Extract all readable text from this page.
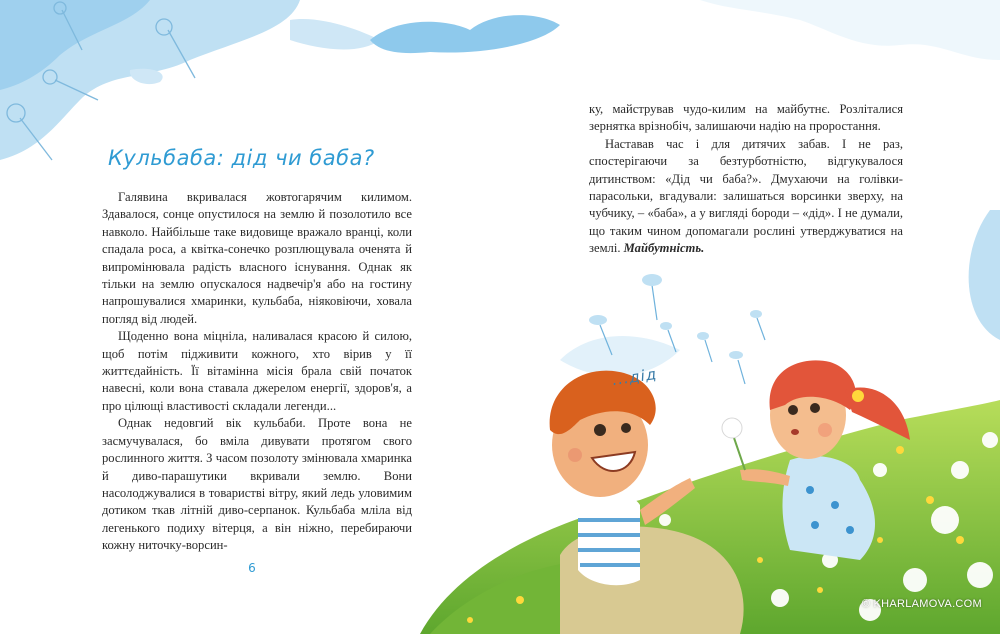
Кульбаба: дід чи баба?

Галявина вкривалася жовтогарячим килимом. Здавалося, сонце опустилося на землю й позолотило все навколо. Найбільше таке видовище вражало вранці, коли спадала роса, а квітка-сонечко розплющувала оченята й випромінювала радість власного існування. Однак як тільки на землю опускалося надвечір'я або на гостину напрошувалися хмаринки, кульбаба, ніяковіючи, ховала погляд від людей.

Щоденно вона міцніла, наливалася красою й силою, щоб потім підживити кожного, хто вірив у її життєдайність. Її вітамінна місія брала свій початок навесні, коли вона ставала джерелом енергії, здоров'я, а про цілющі властивості складали легенди...

Однак недовгий вік кульбаби. Проте вона не засмучувалася, бо вміла дивувати протягом свого рослинного життя. З часом позолоту змінювала хмаринка й диво-парашутики вкривали землю. Вони насолоджувалися в товаристві вітру, який ледь уловимим дотиком ткав літній диво-серпанок. Кульбаба мліла від легенького подиху вітерця, а він ніжно, перебираючи кожну ниточку-ворсин-

ку, майстрував чудо-килим на майбутнє. Розліталися зернятка врізнобіч, залишаючи надію на проростання.

Наставав час і для дитячих забав. І не раз, спостерігаючи за безтурботністю, відгукувалося дитинством: «Дід чи баба?». Дмухаючи на голівки-парасольки, вгадували: залишаться ворсинки зверху, на чубчику, – «баба», а у вигляді бороди – «дід». І не думали, що таким чином допомагали рослині утверджуватися на землі. Майбутність.

6
...дід
© KHARLAMOVA.COM
